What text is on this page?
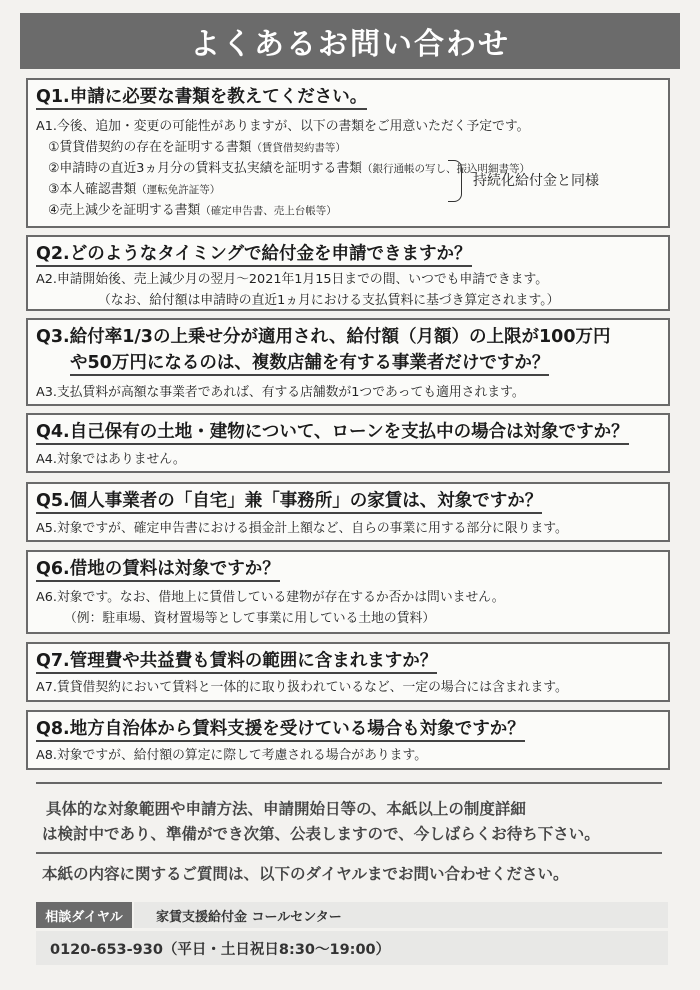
よくあるお問い合わせ
Q1.申請に必要な書類を教えてください。
A1.今後、追加・変更の可能性がありますが、以下の書類をご用意いただく予定です。
①賃貸借契約の存在を証明する書類（賃貸借契約書等）
②申請時の直近3ヵ月分の賃料支払実績を証明する書類（銀行通帳の写し、振込明細書等）
③本人確認書類（運転免許証等）
④売上減少を証明する書類（確定申告書、売上台帳等）
持続化給付金と同様
Q2.どのようなタイミングで給付金を申請できますか？
A2.申請開始後、売上減少月の翌月～2021年1月15日までの間、いつでも申請できます。
（なお、給付額は申請時の直近1ヵ月における支払賃料に基づき算定されます。）
Q3.給付率1/3の上乗せ分が適用され、給付額（月額）の上限が100万円
や50万円になるのは、複数店舗を有する事業者だけですか？
A3.支払賃料が高額な事業者であれば、有する店舗数が1つであっても適用されます。
Q4.自己保有の土地・建物について、ローンを支払中の場合は対象ですか？
A4.対象ではありません。
Q5.個人事業者の「自宅」兼「事務所」の家賃は、対象ですか？
A5.対象ですが、確定申告書における損金計上額など、自らの事業に用する部分に限ります。
Q6.借地の賃料は対象ですか？
A6.対象です。なお、借地上に賃借している建物が存在するか否かは問いません。
（例：駐車場、資材置場等として事業に用している土地の賃料）
Q7.管理費や共益費も賃料の範囲に含まれますか？
A7.賃貸借契約において賃料と一体的に取り扱われているなど、一定の場合には含まれます。
Q8.地方自治体から賃料支援を受けている場合も対象ですか？
A8.対象ですが、給付額の算定に際して考慮される場合があります。
具体的な対象範囲や申請方法、申請開始日等の、本紙以上の制度詳細
は検討中であり、準備ができ次第、公表しますので、今しばらくお待ち下さい。
本紙の内容に関するご質問は、以下のダイヤルまでお問い合わせください。
相談ダイヤル	家賃支援給付金 コールセンター
0120-653-930（平日・土日祝日8:30～19:00）
